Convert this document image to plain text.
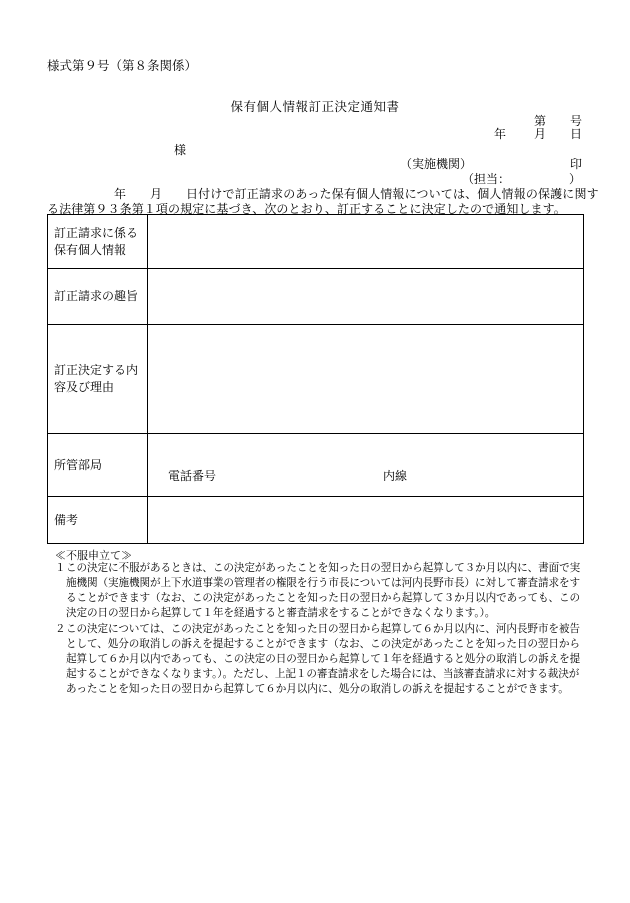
様式第９号（第８条関係）
保有個人情報訂正決定通知書
第 号
年 月 日
様
（実施機関）	印
（担当：	）
年 月 日付けで訂正請求のあった保有個人情報については、個人情報の保護に関す
る法律第９３条第１項の規定に基づき、次のとおり、訂正することに決定したので通知します。
訂正請求に係る保有個人情報	
訂正請求の趣旨	
訂正決定する内容及び理由	
所管部局	電話番号 内線

備考	
≪不服申立て≫
１ この決定に不服があるときは、この決定があったことを知った日の翌日から起算して３か月以内に、書面で実施機関（実施機関が上下水道事業の管理者の権限を行う市長については河内長野市長）に対して審査請求をすることができます（なお、この決定があったことを知った日の翌日から起算して３か月以内であっても、この決定の日の翌日から起算して１年を経過すると審査請求をすることができなくなります。）。
２ この決定については、この決定があったことを知った日の翌日から起算して６か月以内に、河内長野市を被告として、処分の取消しの訴えを提起することができます（なお、この決定があったことを知った日の翌日から起算して６か月以内であっても、この決定の日の翌日から起算して１年を経過すると処分の取消しの訴えを提起することができなくなります。）。ただし、上記１の審査請求をした場合には、当該審査請求に対する裁決があったことを知った日の翌日から起算して６か月以内に、処分の取消しの訴えを提起することができます。
